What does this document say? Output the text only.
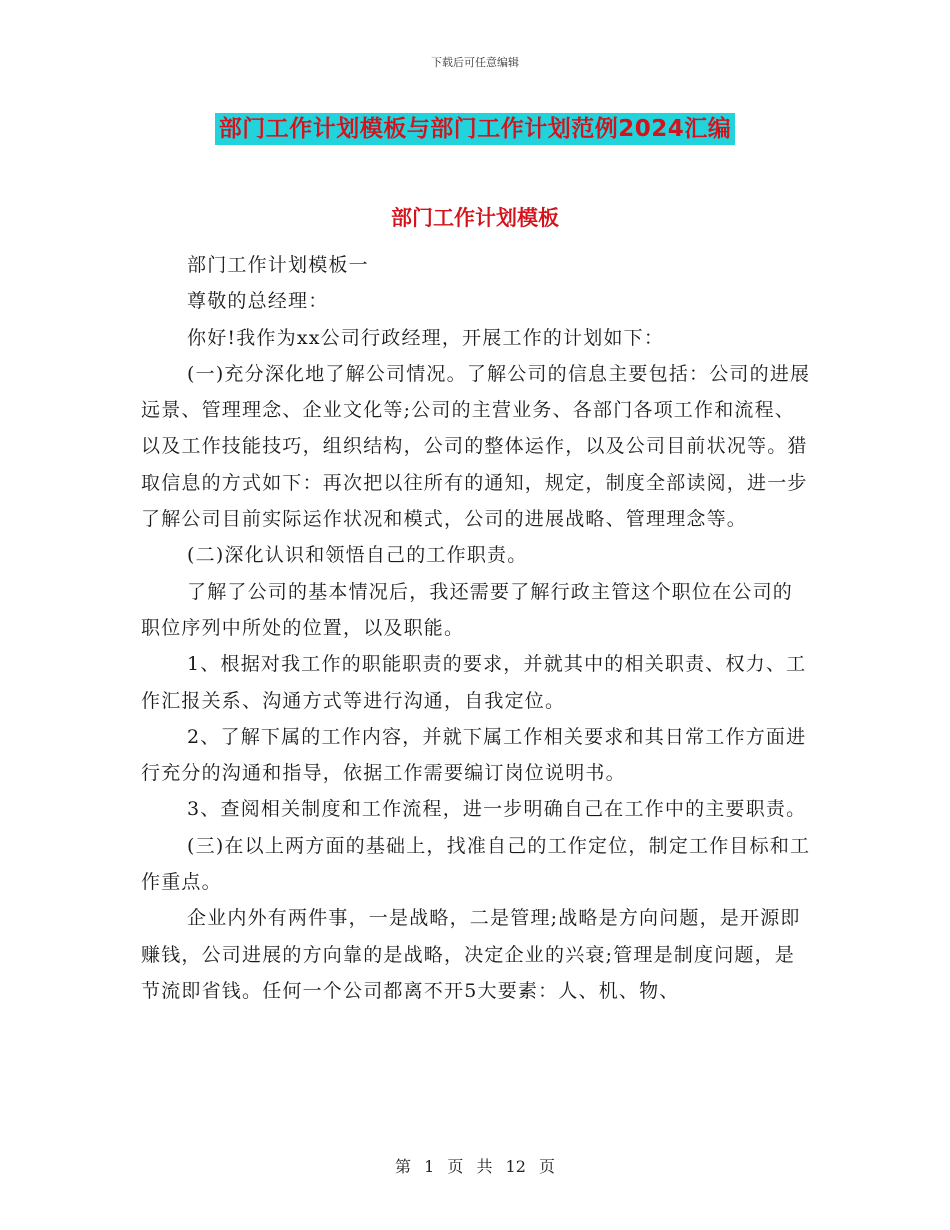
下载后可任意编辑
部门工作计划模板与部门工作计划范例2024汇编
部门工作计划模板

部门工作计划模板一

尊敬的总经理：

你好!我作为xx公司行政经理，开展工作的计划如下：

(一)充分深化地了解公司情况。了解公司的信息主要包括：公司的进展远景、管理理念、企业文化等;公司的主营业务、各部门各项工作和流程、以及工作技能技巧，组织结构，公司的整体运作，以及公司目前状况等。猎取信息的方式如下：再次把以往所有的通知，规定，制度全部读阅，进一步了解公司目前实际运作状况和模式，公司的进展战略、管理理念等。

(二)深化认识和领悟自己的工作职责。

了解了公司的基本情况后，我还需要了解行政主管这个职位在公司的职位序列中所处的位置，以及职能。

1、根据对我工作的职能职责的要求，并就其中的相关职责、权力、工作汇报关系、沟通方式等进行沟通，自我定位。

2、了解下属的工作内容，并就下属工作相关要求和其日常工作方面进行充分的沟通和指导，依据工作需要编订岗位说明书。

3、查阅相关制度和工作流程，进一步明确自己在工作中的主要职责。

(三)在以上两方面的基础上，找准自己的工作定位，制定工作目标和工作重点。

企业内外有两件事，一是战略，二是管理;战略是方向问题，是开源即赚钱，公司进展的方向靠的是战略，决定企业的兴衰;管理是制度问题，是节流即省钱。任何一个公司都离不开5大要素：人、机、物、

第 1 页 共 12 页
